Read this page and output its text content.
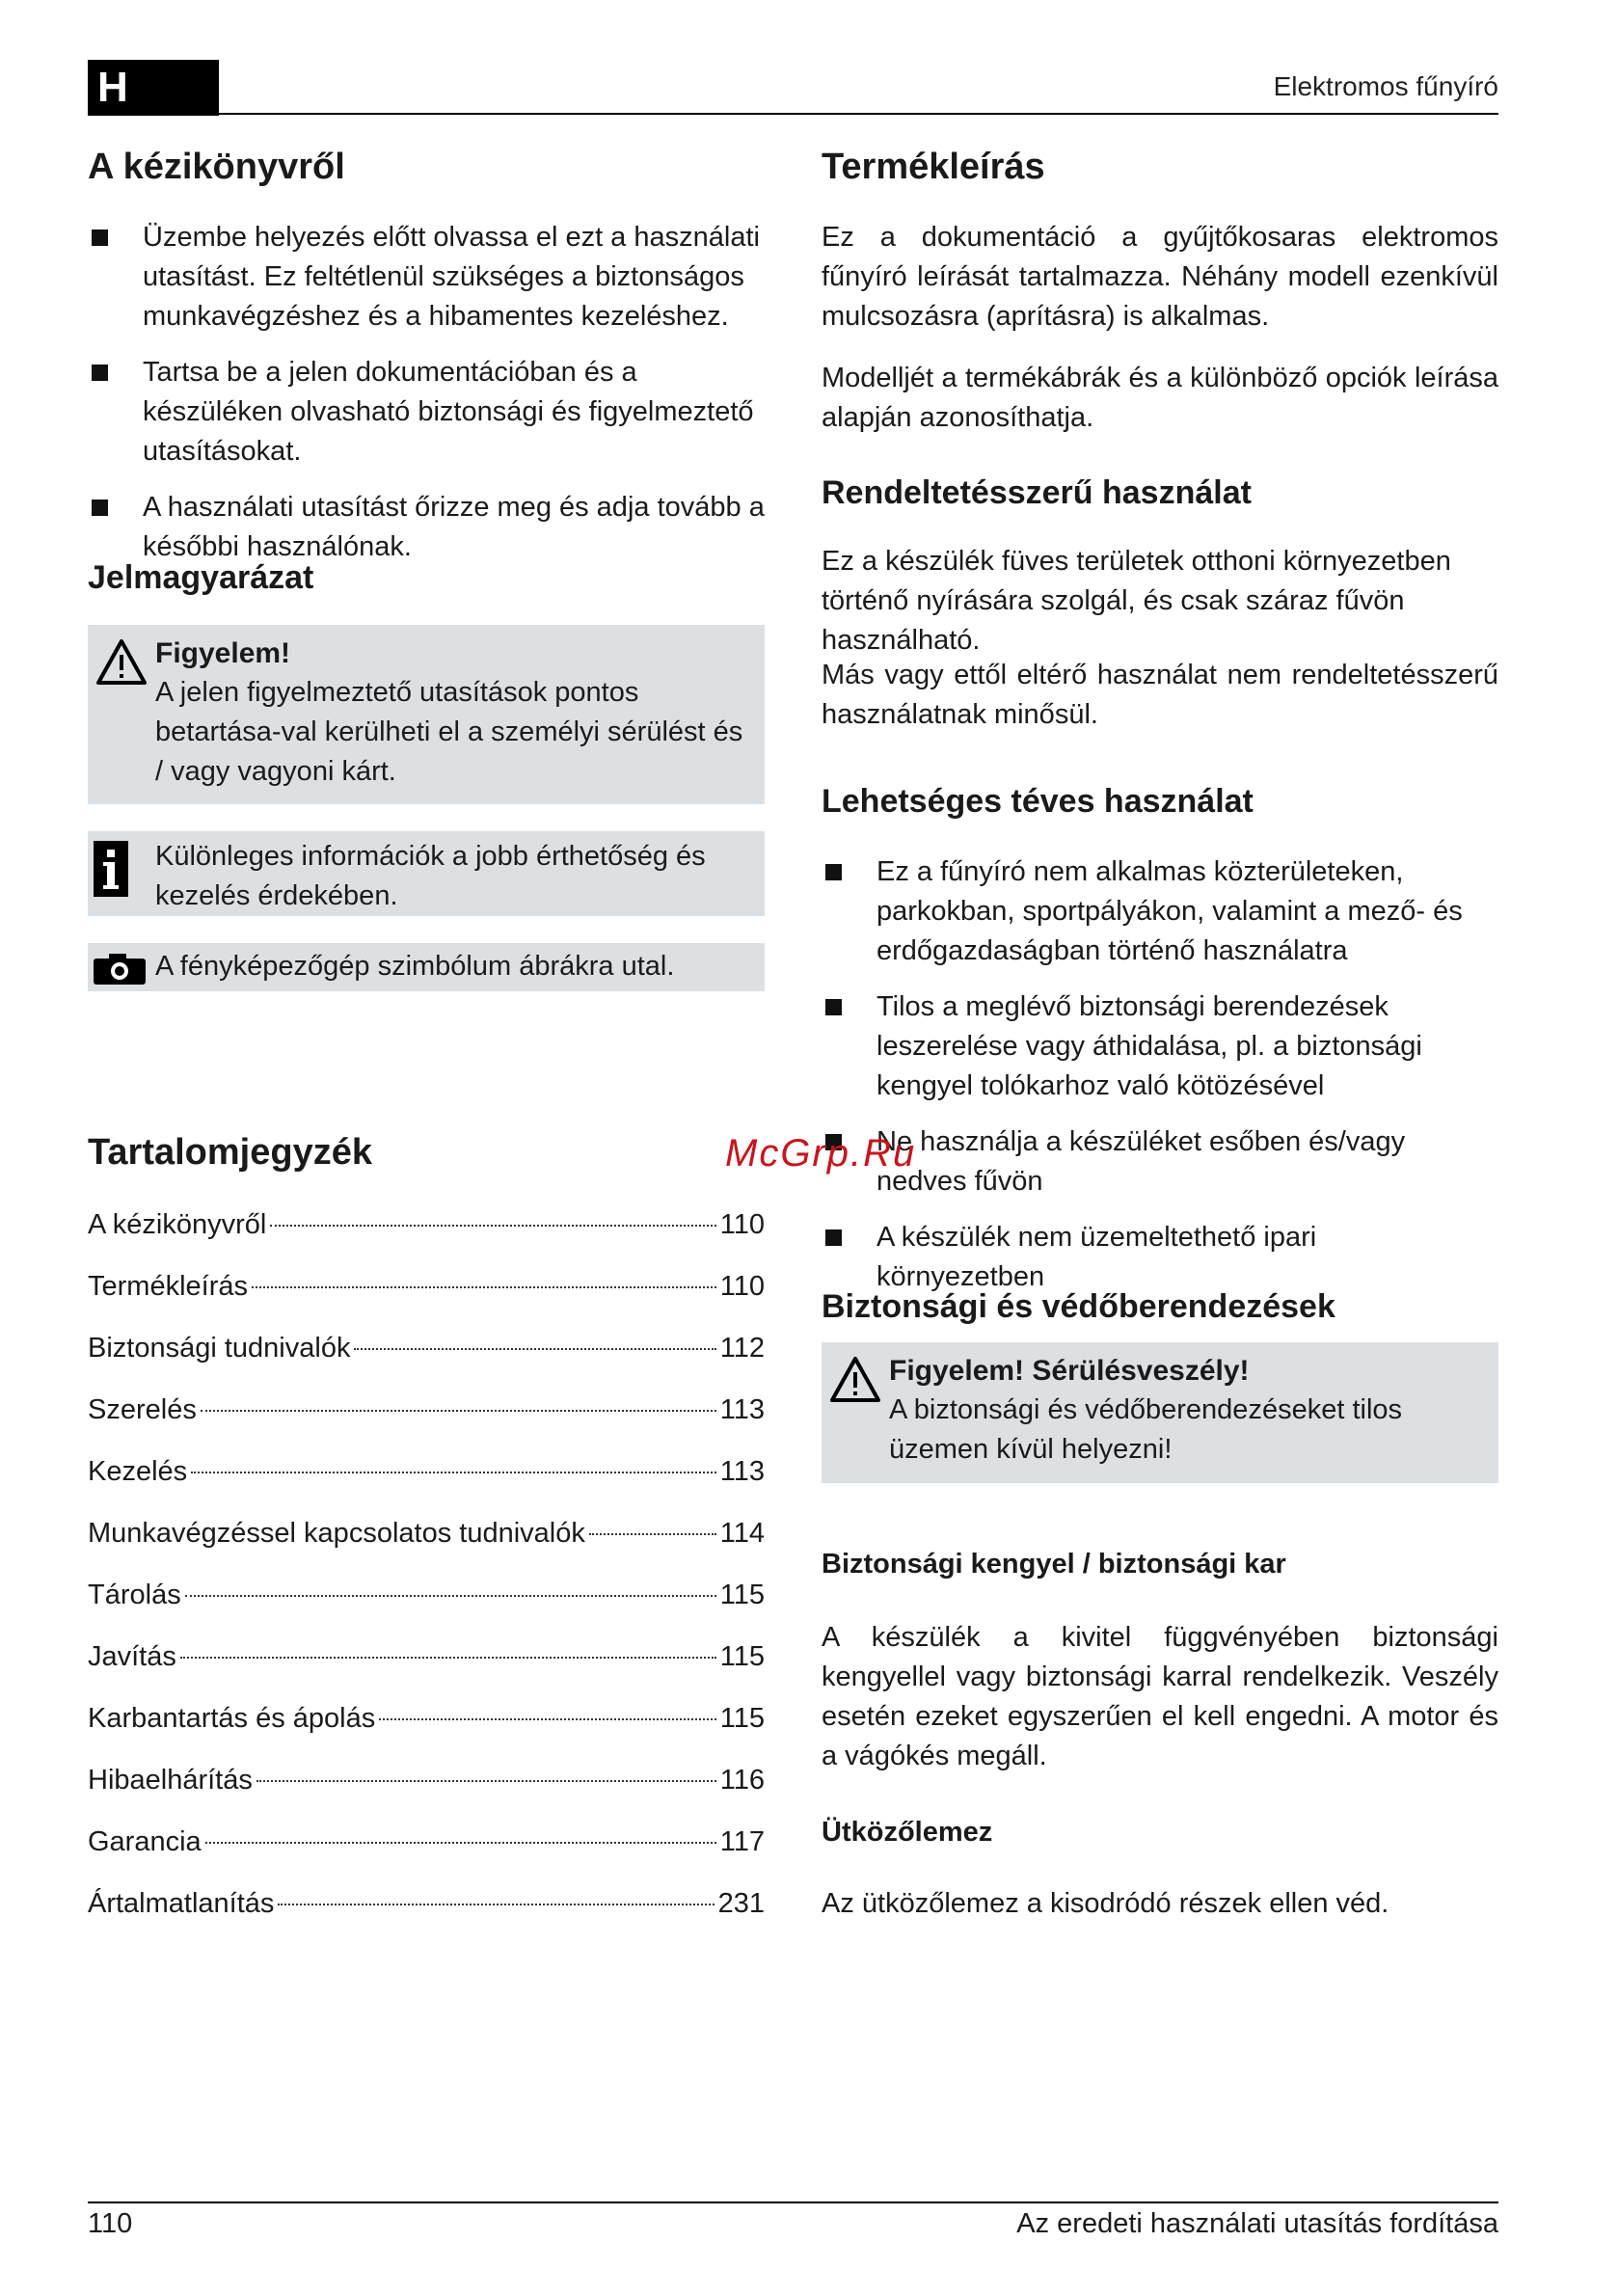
H	Elektromos fűnyíró
A kézikönyvről
Üzembe helyezés előtt olvassa el ezt a használati utasítást. Ez feltétlenül szükséges a biztonságos munkavégzéshez és a hibamentes kezeléshez.
Tartsa be a jelen dokumentációban és a készüléken olvasható biztonsági és figyelmeztető utasításokat.
A használati utasítást őrizze meg és adja tovább a későbbi használónak.
Jelmagyarázat
Figyelem!
A jelen figyelmeztető utasítások pontos betartása-val kerülheti el a személyi sérülést és / vagy vagyoni kárt.
Különleges információk a jobb érthetőség és kezelés érdekében.
A fényképezőgép szimbólum ábrákra utal.
Tartalomjegyzék
A kézikönyvről	110
Termékleírás	110
Biztonsági tudnivalók	112
Szerelés	113
Kezelés	113
Munkavégzéssel kapcsolatos tudnivalók	114
Tárolás	115
Javítás	115
Karbantartás és ápolás	115
Hibaelhárítás	116
Garancia	117
Ártalmatlanítás	231
Termékleírás

Ez a dokumentáció a gyűjtőkosaras elektromos fűnyíró leírását tartalmazza. Néhány modell ezenkívül mulcsozásra (aprításra) is alkalmas.

Modelljét a termékábrák és a különböző opciók leírása alapján azonosíthatja.

Rendeltetésszerű használat

Ez a készülék füves területek otthoni környezetben történő nyírására szolgál, és csak száraz fűvön használható.

Más vagy ettől eltérő használat nem rendeltetésszerű használatnak minősül.

Lehetséges téves használat
Ez a fűnyíró nem alkalmas közterületeken, parkokban, sportpályákon, valamint a mező- és erdőgazdaságban történő használatra
Tilos a meglévő biztonsági berendezések leszerelése vagy áthidalása, pl. a biztonsági kengyel tolókarhoz való kötözésével
Ne használja a készüléket esőben és/vagy nedves fűvön
A készülék nem üzemeltethető ipari környezetben
Biztonsági és védőberendezések
Figyelem! Sérülésveszély!
A biztonsági és védőberendezéseket tilos üzemen kívül helyezni!
Biztonsági kengyel / biztonsági kar

A készülék a kivitel függvényében biztonsági kengyellel vagy biztonsági karral rendelkezik. Veszély esetén ezeket egyszerűen el kell engedni. A motor és a vágókés megáll.

Ütközőlemez

Az ütközőlemez a kisodródó részek ellen véd.

McGrp.Ru
110	Az eredeti használati utasítás fordítása
